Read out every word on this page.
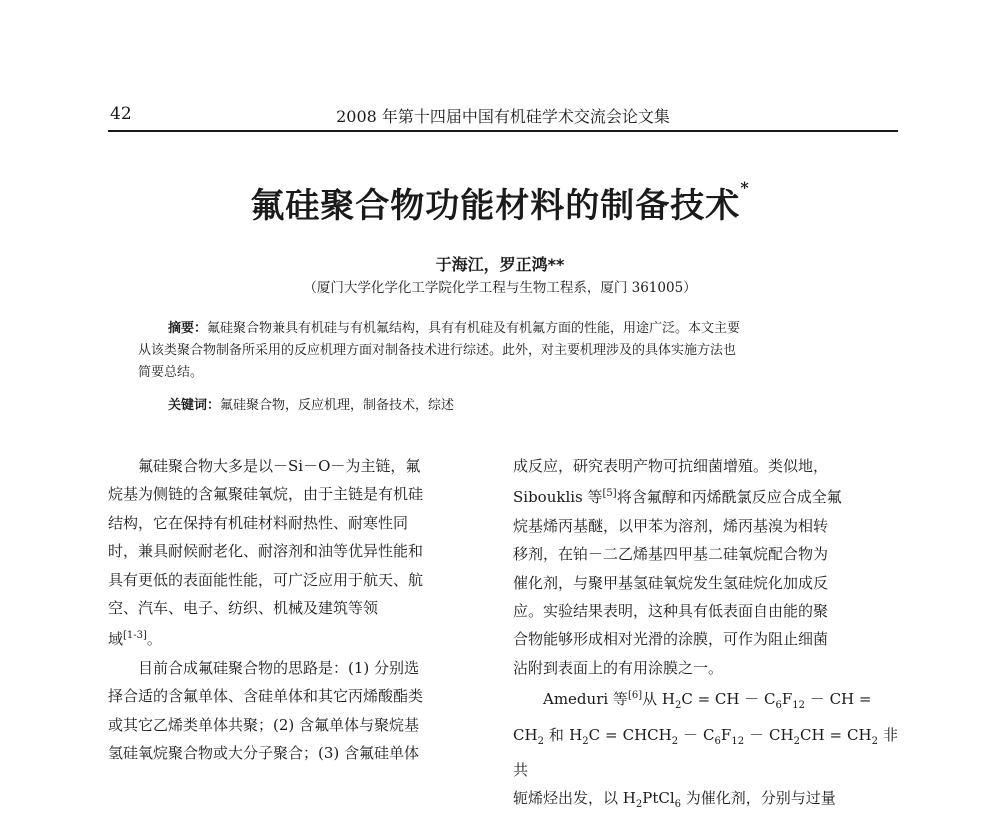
42	2008 年第十四届中国有机硅学术交流会论文集
氟硅聚合物功能材料的制备技术*
于海江，罗正鸿**
（厦门大学化学化工学院化学工程与生物工程系，厦门 361005）

摘要：氟硅聚合物兼具有机硅与有机氟结构，具有有机硅及有机氟方面的性能，用途广泛。本文主要

从该类聚合物制备所采用的反应机理方面对制备技术进行综述。此外，对主要机理涉及的具体实施方法也

简要总结。

关键词：氟硅聚合物，反应机理，制备技术，综述

氟硅聚合物大多是以－Si－O－为主链，氟

烷基为侧链的含氟聚硅氧烷，由于主链是有机硅

结构，它在保持有机硅材料耐热性、耐寒性同

时，兼具耐候耐老化、耐溶剂和油等优异性能和

具有更低的表面能性能，可广泛应用于航天、航

空、汽车、电子、纺织、机械及建筑等领

域[1-3]。

目前合成氟硅聚合物的思路是：(1) 分别选

择合适的含氟单体、含硅单体和其它丙烯酸酯类

或其它乙烯类单体共聚；(2) 含氟单体与聚烷基

氢硅氧烷聚合物或大分子聚合；(3) 含氟硅单体

成反应，研究表明产物可抗细菌增殖。类似地，

Sibouklis 等[5]将含氟醇和丙烯酰氯反应合成全氟

烷基烯丙基醚，以甲苯为溶剂，烯丙基溴为相转

移剂，在铂－二乙烯基四甲基二硅氧烷配合物为

催化剂，与聚甲基氢硅氧烷发生氢硅烷化加成反

应。实验结果表明，这种具有低表面自由能的聚

合物能够形成相对光滑的涂膜，可作为阻止细菌

沾附到表面上的有用涂膜之一。

Ameduri 等[6]从 $H_2C$ = CH － $C_6F_{12}$ － CH =

$CH_2$ 和 $H_2C$ = $CHCH_2 - C_6F_{12} - CH_2CH = CH_2$ 非共

轭烯烃出发，以 $H_2PtCl_6$ 为催化剂，分别与过量
